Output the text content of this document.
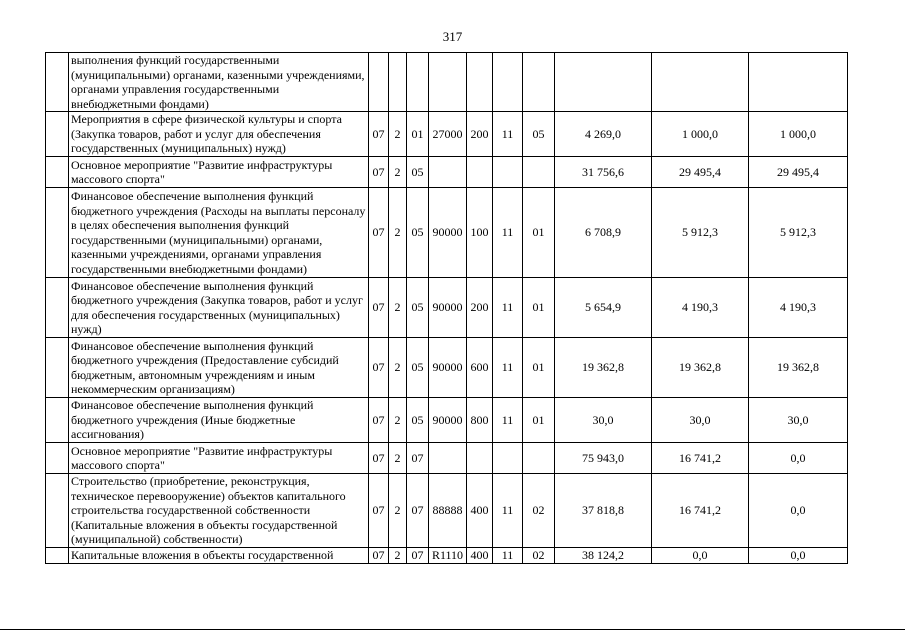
317
	выполнения функций государственными (муниципальными) органами, казенными учреждениями, органами управления государственными внебюджетными фондами)										
	Мероприятия в сфере физической культуры и спорта (Закупка товаров, работ и услуг для обеспечения государственных (муниципальных) нужд)	07	2	01	27000	200	11	05	4 269,0	1 000,0	1 000,0
	Основное мероприятие "Развитие инфраструктуры массового спорта"	07	2	05					31 756,6	29 495,4	29 495,4
	Финансовое обеспечение выполнения функций бюджетного учреждения (Расходы на выплаты персоналу в целях обеспечения выполнения функций государственными (муниципальными) органами, казенными учреждениями, органами управления государственными внебюджетными фондами)	07	2	05	90000	100	11	01	6 708,9	5 912,3	5 912,3
	Финансовое обеспечение выполнения функций бюджетного учреждения (Закупка товаров, работ и услуг для обеспечения государственных (муниципальных) нужд)	07	2	05	90000	200	11	01	5 654,9	4 190,3	4 190,3
	Финансовое обеспечение выполнения функций бюджетного учреждения (Предоставление субсидий бюджетным, автономным учреждениям и иным некоммерческим организациям)	07	2	05	90000	600	11	01	19 362,8	19 362,8	19 362,8
	Финансовое обеспечение выполнения функций бюджетного учреждения (Иные бюджетные ассигнования)	07	2	05	90000	800	11	01	30,0	30,0	30,0
	Основное мероприятие "Развитие инфраструктуры массового спорта"	07	2	07					75 943,0	16 741,2	0,0
	Строительство (приобретение, реконструкция, техническое перевооружение) объектов капитального строительства государственной собственности (Капитальные вложения в объекты государственной (муниципальной) собственности)	07	2	07	88888	400	11	02	37 818,8	16 741,2	0,0
	Капитальные вложения в объекты государственной	07	2	07	R1110	400	11	02	38 124,2	0,0	0,0
